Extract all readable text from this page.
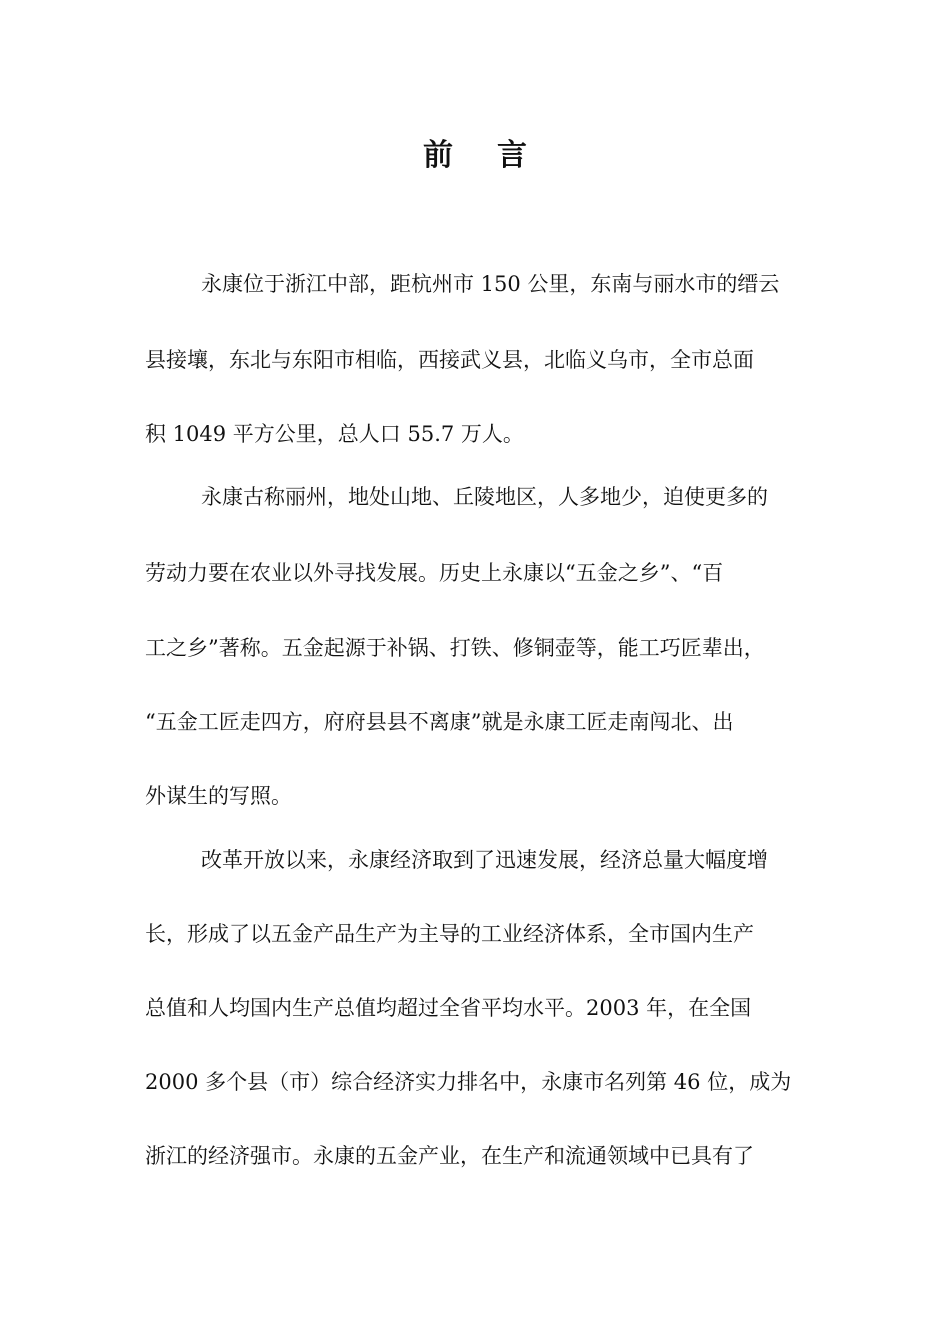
前 言
永康位于浙江中部，距杭州市 150 公里，东南与丽水市的缙云
县接壤，东北与东阳市相临，西接武义县，北临义乌市，全市总面
积 1049 平方公里，总人口 55.7 万人。
永康古称丽州，地处山地、丘陵地区，人多地少，迫使更多的
劳动力要在农业以外寻找发展。历史上永康以“五金之乡”、“百
工之乡”著称。五金起源于补锅、打铁、修铜壶等，能工巧匠辈出，
“五金工匠走四方，府府县县不离康”就是永康工匠走南闯北、出
外谋生的写照。
改革开放以来，永康经济取到了迅速发展，经济总量大幅度增
长，形成了以五金产品生产为主导的工业经济体系，全市国内生产
总值和人均国内生产总值均超过全省平均水平。2003 年，在全国
2000 多个县（市）综合经济实力排名中，永康市名列第 46 位，成为
浙江的经济强市。永康的五金产业，在生产和流通领域中已具有了
